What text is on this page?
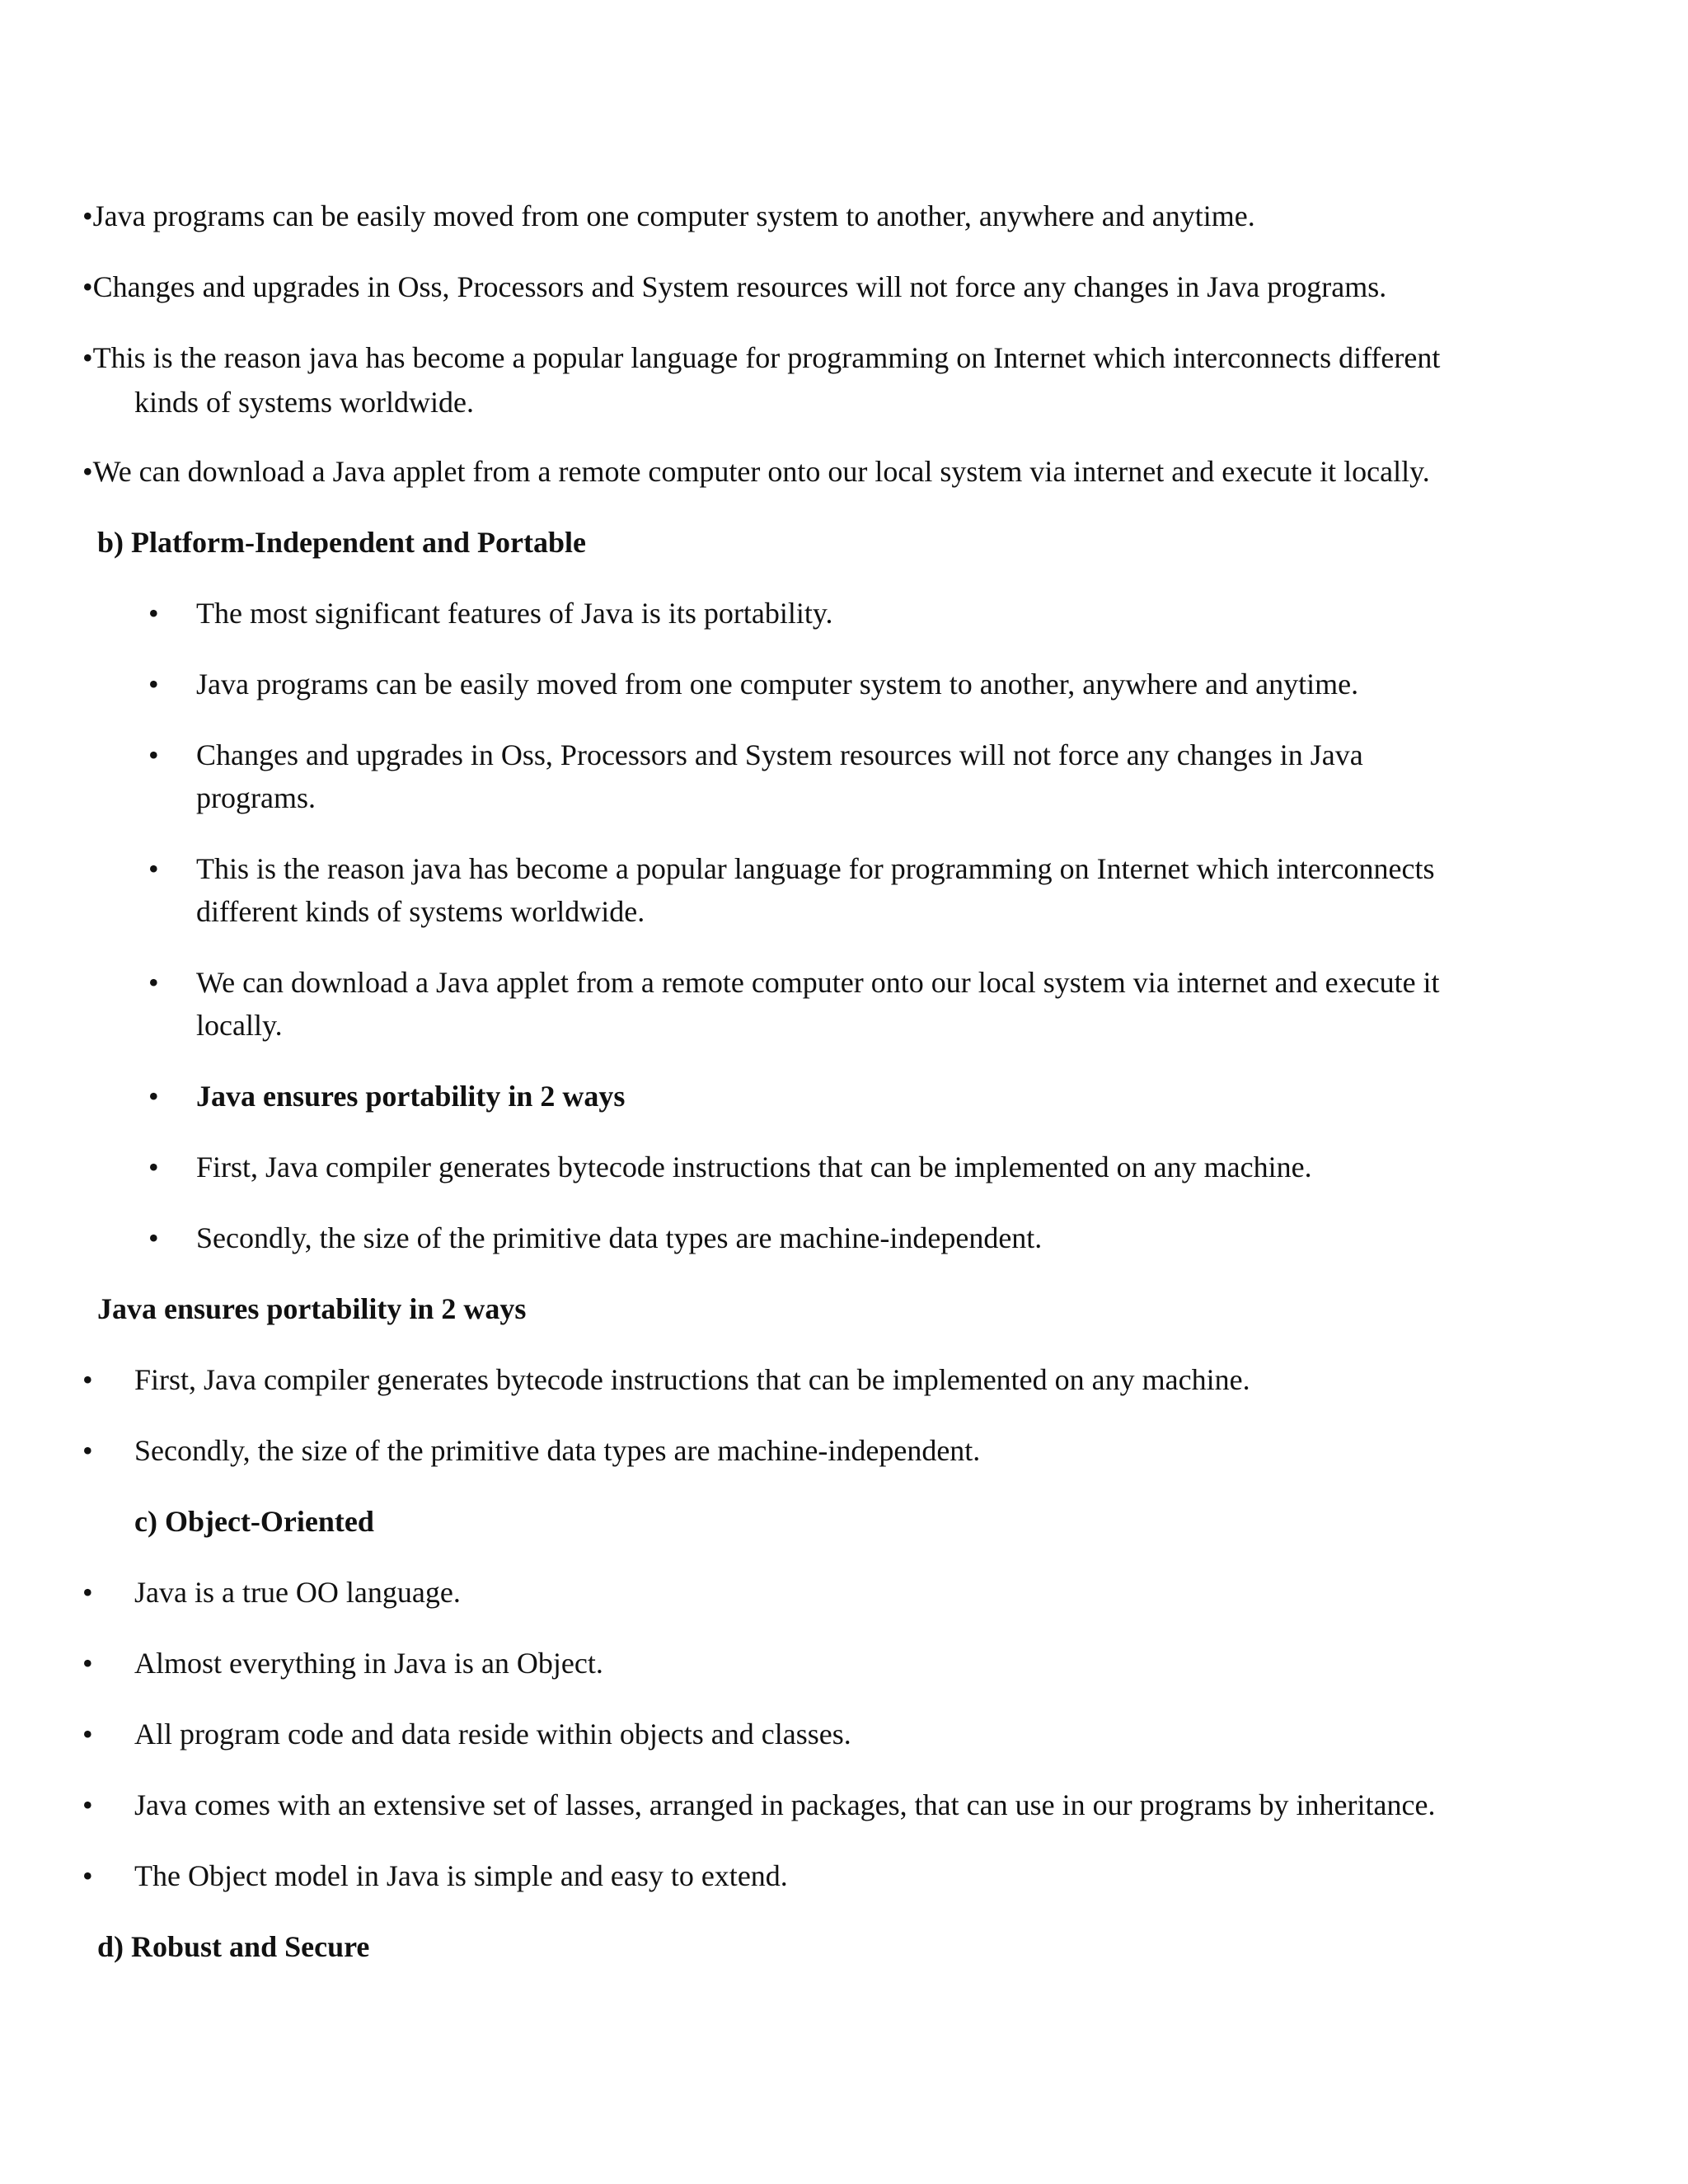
•Java programs can be easily moved from one computer system to another, anywhere and anytime.
•Changes and upgrades in Oss, Processors and System resources will not force any changes in Java programs.
•This is the reason java has become a popular language for programming on Internet which interconnects different
kinds of systems worldwide.
•We can download a Java applet from a remote computer onto our local system via internet and execute it locally.
b) Platform-Independent and Portable
• The most significant features of Java is its portability.
• Java programs can be easily moved from one computer system to another, anywhere and anytime.
• Changes and upgrades in Oss, Processors and System resources will not force any changes in Java
programs.
• This is the reason java has become a popular language for programming on Internet which interconnects
different kinds of systems worldwide.
• We can download a Java applet from a remote computer onto our local system via internet and execute it
locally.
• Java ensures portability in 2 ways
• First, Java compiler generates bytecode instructions that can be implemented on any machine.
• Secondly, the size of the primitive data types are machine-independent.
Java ensures portability in 2 ways
• First, Java compiler generates bytecode instructions that can be implemented on any machine.
• Secondly, the size of the primitive data types are machine-independent.
c) Object-Oriented
• Java is a true OO language.
• Almost everything in Java is an Object.
• All program code and data reside within objects and classes.
• Java comes with an extensive set of lasses, arranged in packages, that can use in our programs by inheritance.
• The Object model in Java is simple and easy to extend.
d) Robust and Secure
